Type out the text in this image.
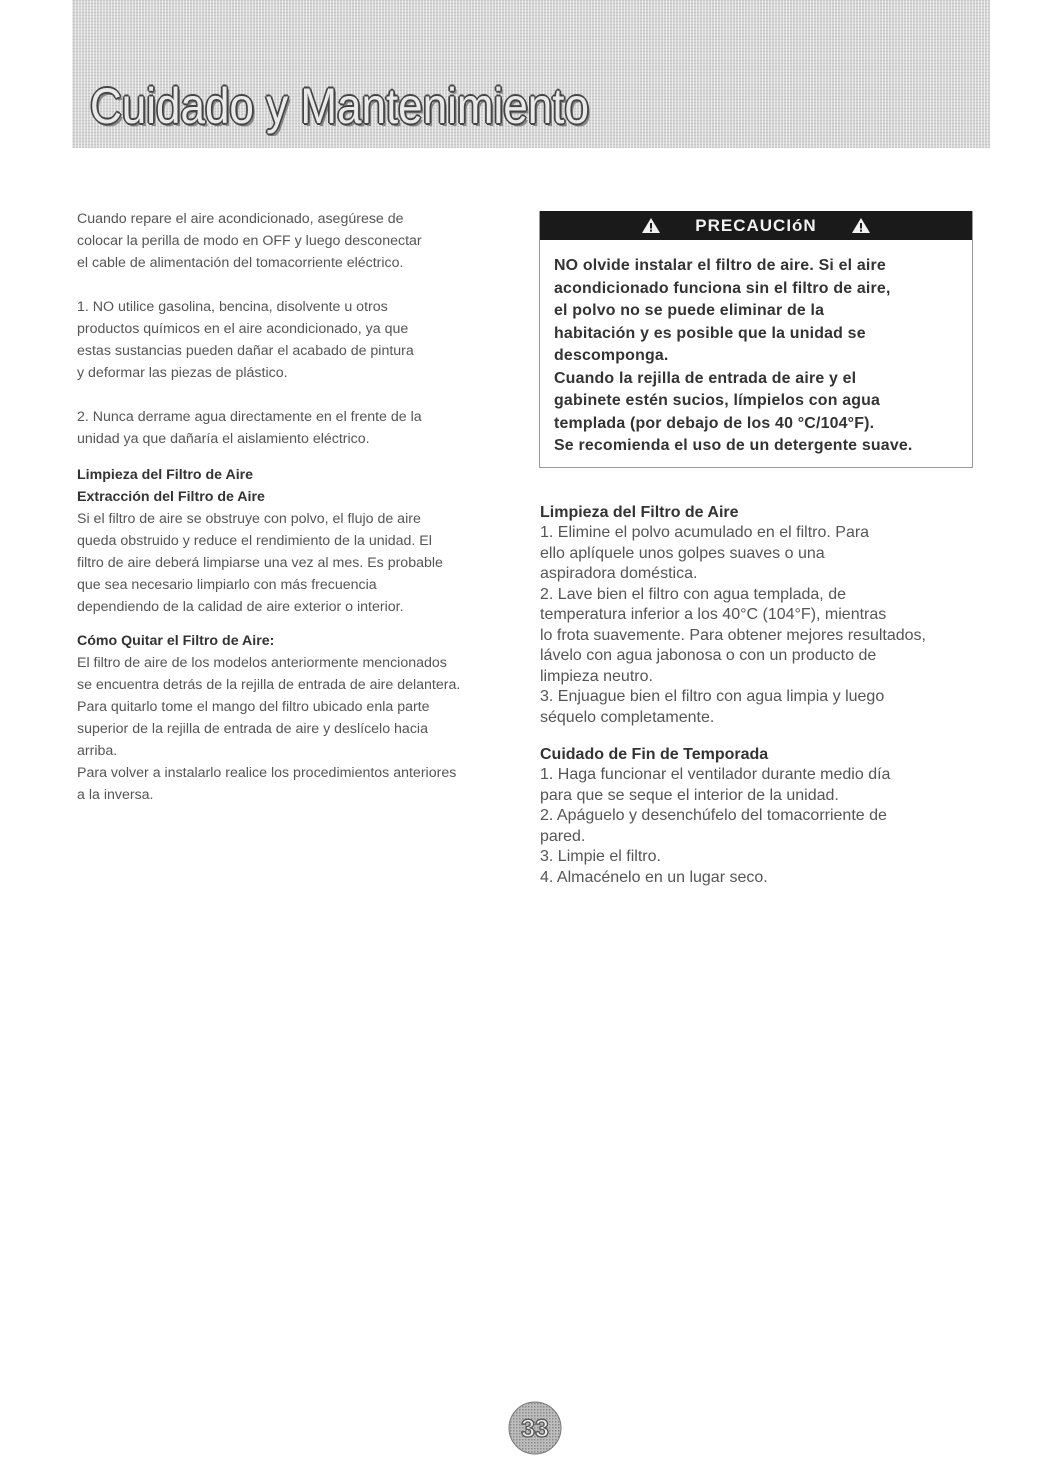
Cuidado y Mantenimiento

Cuando repare el aire acondicionado, asegúrese de
colocar la perilla de modo en OFF y luego desconectar
el cable de alimentación del tomacorriente eléctrico.

1. NO utilice gasolina, bencina, disolvente u otros
productos químicos en el aire acondicionado, ya que
estas sustancias pueden dañar el acabado de pintura
y deformar las piezas de plástico.

2. Nunca derrame agua directamente en el frente de la
unidad ya que dañaría el aislamiento eléctrico.

Limpieza del Filtro de Aire

Extracción del Filtro de Aire

Si el filtro de aire se obstruye con polvo, el flujo de aire
queda obstruido y reduce el rendimiento de la unidad. El
filtro de aire deberá limpiarse una vez al mes. Es probable
que sea necesario limpiarlo con más frecuencia
dependiendo de la calidad de aire exterior o interior.

Cómo Quitar el Filtro de Aire:

El filtro de aire de los modelos anteriormente mencionados
se encuentra detrás de la rejilla de entrada de aire delantera.
Para quitarlo tome el mango del filtro ubicado enla parte
superior de la rejilla de entrada de aire y deslícelo hacia
arriba.
Para volver a instalarlo realice los procedimientos anteriores
a la inversa.

PRECAUCIóN

NO olvide instalar el filtro de aire. Si el aire
acondicionado funciona sin el filtro de aire,
el polvo no se puede eliminar de la
habitación y es posible que la unidad se
descomponga.
Cuando la rejilla de entrada de aire y el
gabinete estén sucios, límpielos con agua
templada (por debajo de los 40 °C/104°F).
Se recomienda el uso de un detergente suave.

Limpieza del Filtro de Aire

1. Elimine el polvo acumulado en el filtro. Para
ello aplíquele unos golpes suaves o una
aspiradora doméstica.
2. Lave bien el filtro con agua templada, de
temperatura inferior a los 40°C (104°F), mientras
lo frota suavemente. Para obtener mejores resultados,
lávelo con agua jabonosa o con un producto de
limpieza neutro.
3. Enjuague bien el filtro con agua limpia y luego
séquelo completamente.

Cuidado de Fin de Temporada

1. Haga funcionar el ventilador durante medio día
para que se seque el interior de la unidad.
2. Apáguelo y desenchúfelo del tomacorriente de
pared.
3. Limpie el filtro.
4. Almacénelo en un lugar seco.

33
